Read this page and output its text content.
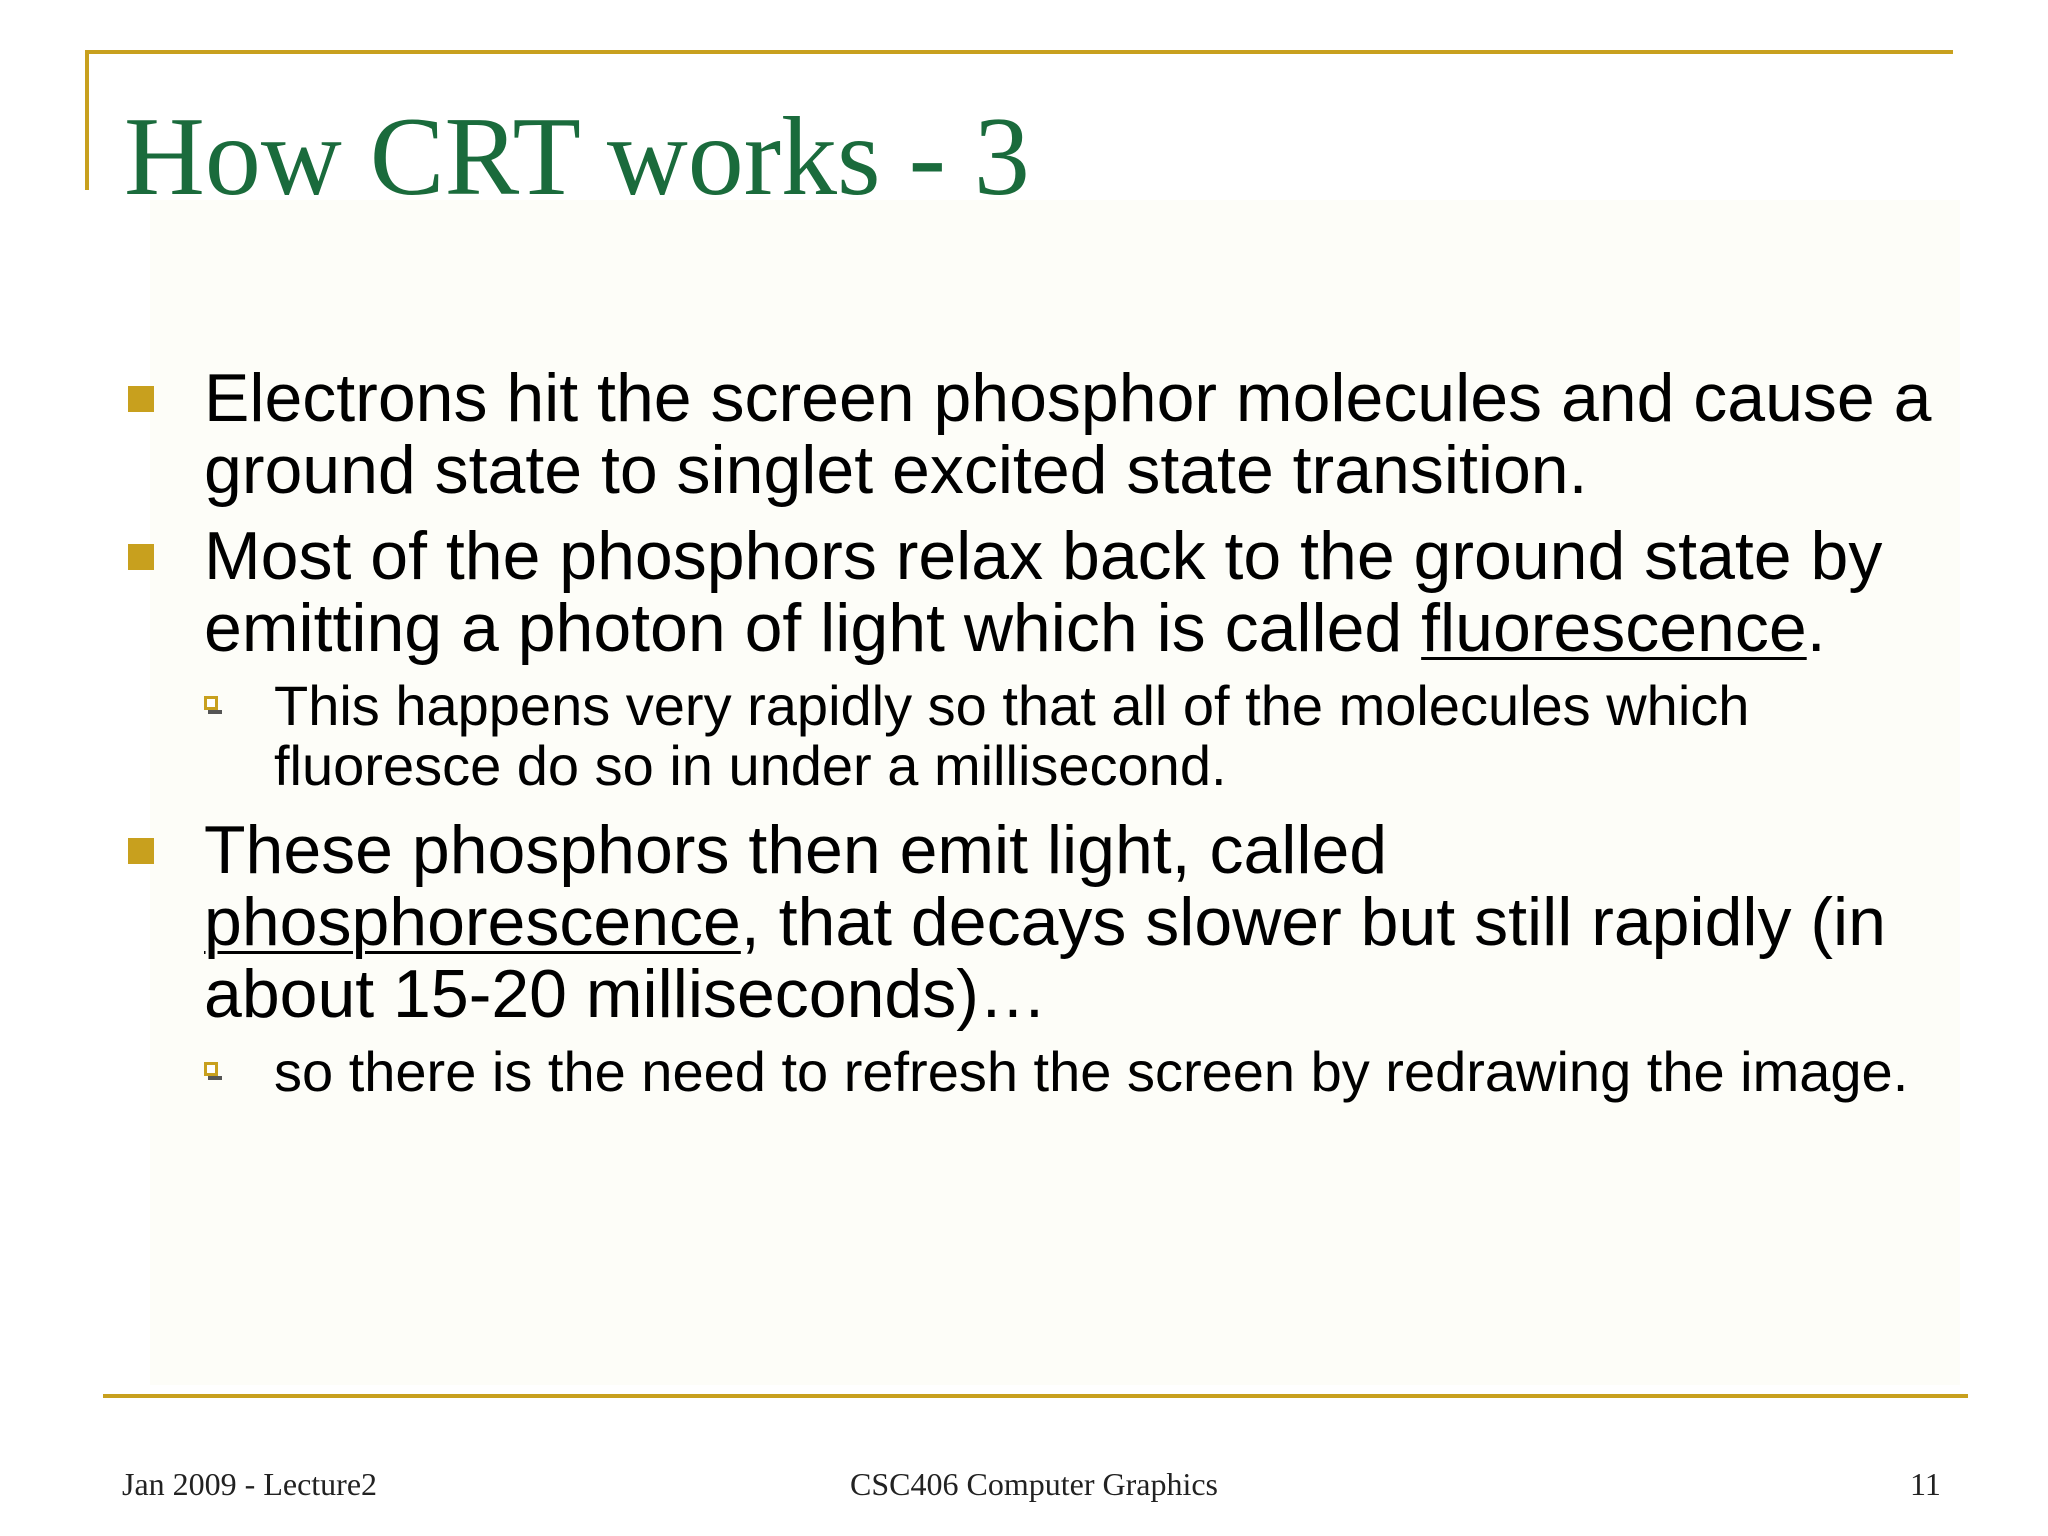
How CRT works - 3
Electrons hit the screen phosphor molecules and cause a ground state to singlet excited state transition.
Most of the phosphors relax back to the ground state by emitting a photon of light which is called fluorescence.
This happens very rapidly so that all of the molecules which fluoresce do so in under a millisecond.
These phosphors then emit light, called phosphorescence, that decays slower but still rapidly (in about 15-20 milliseconds)…
so there is the need to refresh the screen by redrawing the image.
Jan 2009 - Lecture2	CSC406 Computer Graphics	11
